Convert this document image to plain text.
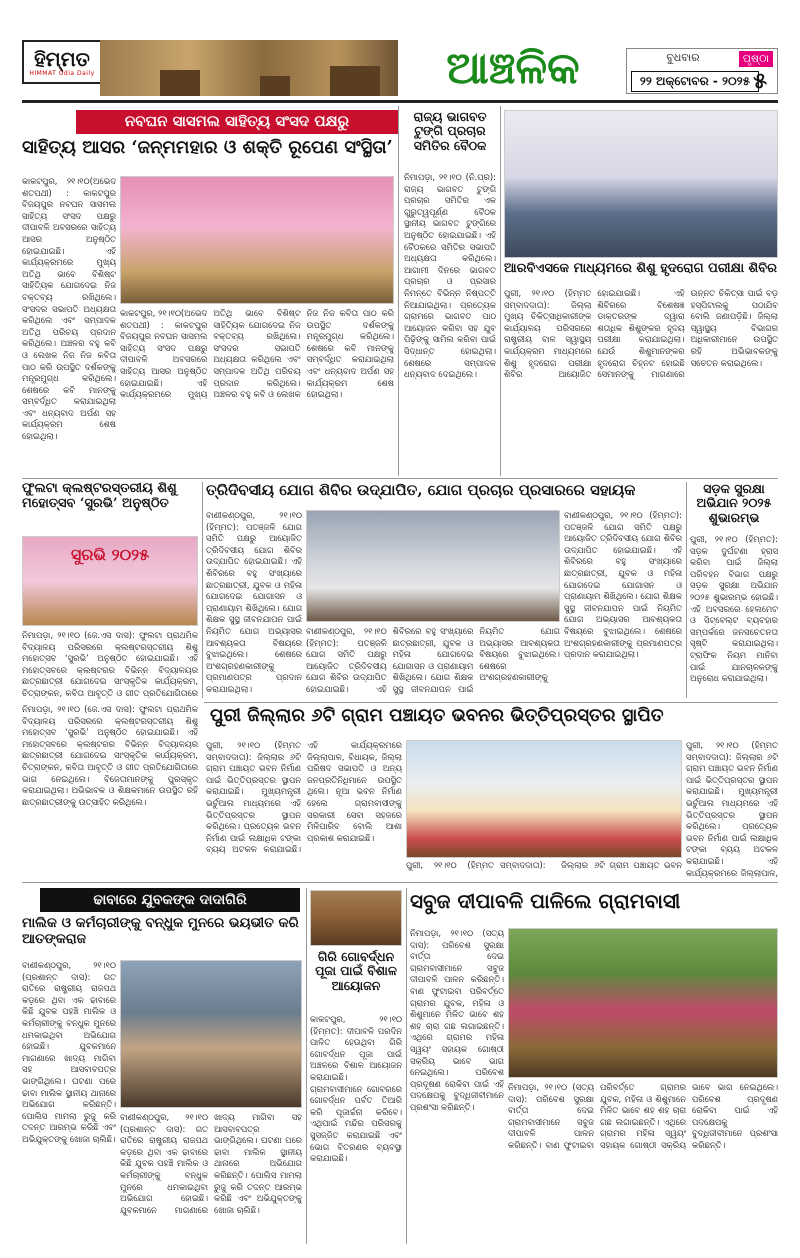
ହିମ୍ମତ
HIMMAT Odia Daily	ଆଞ୍ଚଳିକ	ବୁଧବାର
୨୨ ଅକ୍ଟୋବର - ୨୦୨୫
ପୃଷ୍ଠା
୫
ନବଘନ ସାସମଲ ସାହିତ୍ୟ ସଂସଦ ପକ୍ଷରୁ
ସାହିତ୍ୟ ଆସର ‘ଜନ୍ମମହାର ଓ ଶକ୍ତି ରୂପେଣ ସଂସ୍ଥିତା’
କାକଟପୁର, ୨୧।୧୦(ଅଭେଦ ଶତପଥୀ) : କାକଟପୁର ବିଜୟପୁର ନବଘନ ସାସମଲ ସାହିତ୍ୟ ସଂସଦ ପକ୍ଷରୁ ଦୀପାବଳି ଅବସରରେ ସାହିତ୍ୟ ଆସର ଅନୁଷ୍ଠିତ ହୋଇଯାଇଛି। ଏହି କାର୍ଯ୍ୟକ୍ରମରେ ମୁଖ୍ୟ ଅତିଥି ଭାବେ ବିଶିଷ୍ଟ ସାହିତ୍ୟିକ ଯୋଗଦେଇ ନିଜ ବକ୍ତବ୍ୟ ରଖିଥିଲେ। ସଂସଦର ସଭାପତି ଅଧ୍ୟକ୍ଷତା କରିଥିଲେ ଏବଂ ସମ୍ପାଦକ ଅତିଥି ପରିଚୟ ପ୍ରଦାନ କରିଥିଲେ। ଅଞ୍ଚଳର ବହୁ କବି ଓ ଲେଖକ ନିଜ ନିଜ କବିତା ପାଠ କରି ଉପସ୍ଥିତ ଦର୍ଶକଙ୍କୁ ମନ୍ତ୍ରମୁଗ୍ଧ କରିଥିଲେ। ଶେଷରେ କବି ମାନଙ୍କୁ ସମ୍ବର୍ଦ୍ଧିତ କରାଯାଇଥିଲା ଏବଂ ଧନ୍ୟବାଦ ଅର୍ପଣ ସହ କାର୍ଯ୍ୟକ୍ରମ ଶେଷ ହୋଇଥିଲା।
କାକଟପୁର, ୨୧।୧୦(ଅଭେଦ ଶତପଥୀ) : କାକଟପୁର ବିଜୟପୁର ନବଘନ ସାସମଲ ସାହିତ୍ୟ ସଂସଦ ପକ୍ଷରୁ ଦୀପାବଳି ଅବସରରେ ସାହିତ୍ୟ ଆସର ଅନୁଷ୍ଠିତ ହୋଇଯାଇଛି। ଏହି କାର୍ଯ୍ୟକ୍ରମରେ ମୁଖ୍ୟ ଅତିଥି ଭାବେ ବିଶିଷ୍ଟ ସାହିତ୍ୟିକ ଯୋଗଦେଇ ନିଜ ବକ୍ତବ୍ୟ ରଖିଥିଲେ। ସଂସଦର ସଭାପତି ଅଧ୍ୟକ୍ଷତା କରିଥିଲେ ଏବଂ ସମ୍ପାଦକ ଅତିଥି ପରିଚୟ ପ୍ରଦାନ କରିଥିଲେ। ଅଞ୍ଚଳର ବହୁ କବି ଓ ଲେଖକ ନିଜ ନିଜ କବିତା ପାଠ କରି ଉପସ୍ଥିତ ଦର୍ଶକଙ୍କୁ ମନ୍ତ୍ରମୁଗ୍ଧ କରିଥିଲେ। ଶେଷରେ କବି ମାନଙ୍କୁ ସମ୍ବର୍ଦ୍ଧିତ କରାଯାଇଥିଲା ଏବଂ ଧନ୍ୟବାଦ ଅର୍ପଣ ସହ କାର୍ଯ୍ୟକ୍ରମ ଶେଷ ହୋଇଥିଲା।
ରାଜ୍ୟ ଭାଗବତ ଟୁଙ୍ଗି ପ୍ରଚାର ସମିତିର ବୈଠକ
ନିମାପଡ଼ା, ୨୧।୧୦ (ନି.ପ୍ର): ରାଜ୍ୟ ଭାଗବତ ଟୁଙ୍ଗି ପ୍ରଚାର ସମିତିର ଏକ ଗୁରୁତ୍ୱପୂର୍ଣ୍ଣ ବୈଠକ ସ୍ଥାନୀୟ ଭାଗବତ ଟୁଙ୍ଗିରେ ଅନୁଷ୍ଠିତ ହୋଇଯାଇଛି। ଏହି ବୈଠକରେ ସମିତିର ସଭାପତି ଅଧ୍ୟକ୍ଷତା କରିଥିଲେ। ଆଗାମୀ ଦିନରେ ଭାଗବତ ପ୍ରଚାର ଓ ପ୍ରସାର ନିମନ୍ତେ ବିଭିନ୍ନ ନିଷ୍ପତ୍ତି ନିଆଯାଇଥିଲା। ପ୍ରତ୍ୟେକ ଗ୍ରାମରେ ଭାଗବତ ପାଠ ଆୟୋଜନ କରିବା ସହ ଯୁବ ପିଢ଼ିଙ୍କୁ ସାମିଲ କରିବା ପାଇଁ ସିଦ୍ଧାନ୍ତ ହୋଇଥିଲା। ଶେଷରେ ସମ୍ପାଦକ ଧନ୍ୟବାଦ ଦେଇଥିଲେ।
ଆରବିଏସକେ ମାଧ୍ୟମରେ ଶିଶୁ ହୃଦରୋଗ ପରୀକ୍ଷା ଶିବିର
ପୁରୀ, ୨୧।୧୦ (ହିମ୍ମତ ସମ୍ବାଦଦାତା): ଜିଲ୍ଲା ମୁଖ୍ୟ ଚିକିତ୍ସାଧିକାରୀଙ୍କ କାର୍ଯ୍ୟାଳୟ ପରିସରରେ ରାଷ୍ଟ୍ରୀୟ ବାଳ ସ୍ୱାସ୍ଥ୍ୟ କାର୍ଯ୍ୟକ୍ରମ ମାଧ୍ୟମରେ ଶିଶୁ ହୃଦରୋଗ ପରୀକ୍ଷା ଶିବିର ଆୟୋଜିତ ହୋଇଯାଇଛି। ଏହି ଶିବିରରେ ବିଶେଷଜ୍ଞ ଡାକ୍ତରଙ୍କ ଦ୍ୱାରା ଶତାଧିକ ଶିଶୁଙ୍କର ହୃଦୟ ପରୀକ୍ଷା କରାଯାଇଥିଲା। ଯେଉଁ ଶିଶୁମାନଙ୍କର ହୃଦରୋଗ ଚିହ୍ନଟ ହୋଇଛି ସେମାନଙ୍କୁ ମାଗଣାରେ ଉନ୍ନତ ଚିକିତ୍ସା ପାଇଁ ବଡ଼ ହସ୍ପିଟାଲକୁ ପଠାଯିବ ବୋଲି ଜଣାପଡ଼ିଛି। ଜିଲ୍ଲା ସ୍ୱାସ୍ଥ୍ୟ ବିଭାଗର ଅଧିକାରୀମାନେ ଉପସ୍ଥିତ ରହି ଅଭିଭାବକଙ୍କୁ ସଚେତନ କରାଇଥିଲେ।
ଫୁଲଟା କ୍ଲଷ୍ଟରସ୍ତରୀୟ ଶିଶୁ ମହୋତ୍ସବ ‘ସୁରଭି’ ଅନୁଷ୍ଠିତ
ସୁରଭି ୨୦୨୫
ନିମାପଡ଼ା, ୨୧।୧୦ (ଜେ.ଏସ ଦାସ): ଫୁଲଟା ପ୍ରାଥମିକ ବିଦ୍ୟାଳୟ ପରିସରରେ କ୍ଲଷ୍ଟରସ୍ତରୀୟ ଶିଶୁ ମହୋତ୍ସବ ‘ସୁରଭି’ ଅନୁଷ୍ଠିତ ହୋଇଯାଇଛି। ଏହି ମହୋତ୍ସବରେ କ୍ଲଷ୍ଟରର ବିଭିନ୍ନ ବିଦ୍ୟାଳୟର ଛାତ୍ରଛାତ୍ରୀ ଯୋଗଦେଇ ସାଂସ୍କୃତିକ କାର୍ଯ୍ୟକ୍ରମ, ଚିତ୍ରାଙ୍କନ, କବିତା ଆବୃତ୍ତି ଓ ଗୀତ ପ୍ରତିଯୋଗିତାରେ
ତ୍ରିଦିବସୀୟ ଯୋଗ ଶିବିର ଉଦ୍‌ଯାପିତ, ଯୋଗ ପ୍ରଚାର ପ୍ରସାରରେ ସହାୟକ
ବାଣୀକଣ୍ଠପୁର, ୨୧।୧୦ (ହିମ୍ମତ): ପତଞ୍ଜଳି ଯୋଗ ସମିତି ପକ୍ଷରୁ ଆୟୋଜିତ ତ୍ରିଦିବସୀୟ ଯୋଗ ଶିବିର ଉଦ୍‌ଯାପିତ ହୋଇଯାଇଛି। ଏହି ଶିବିରରେ ବହୁ ସଂଖ୍ୟାରେ ଛାତ୍ରଛାତ୍ରୀ, ଯୁବକ ଓ ମହିଳା ଯୋଗଦେଇ ଯୋଗାସନ ଓ ପ୍ରାଣାୟାମ ଶିଖିଥିଲେ। ଯୋଗ ଶିକ୍ଷକ ସୁସ୍ଥ ଜୀବନଯାପନ ପାଇଁ ନିୟମିତ ଯୋଗ ଅଭ୍ୟାସର ଆବଶ୍ୟକତା ବିଷୟରେ ବୁଝାଇଥିଲେ। ଶେଷରେ ଅଂଶଗ୍ରହଣକାରୀଙ୍କୁ ପ୍ରମାଣପତ୍ର ପ୍ରଦାନ କରାଯାଇଥିଲା।
ବାଣୀକଣ୍ଠପୁର, ୨୧।୧୦ (ହିମ୍ମତ): ପତଞ୍ଜଳି ଯୋଗ ସମିତି ପକ୍ଷରୁ ଆୟୋଜିତ ତ୍ରିଦିବସୀୟ ଯୋଗ ଶିବିର ଉଦ୍‌ଯାପିତ ହୋଇଯାଇଛି। ଏହି ଶିବିରରେ ବହୁ ସଂଖ୍ୟାରେ ଛାତ୍ରଛାତ୍ରୀ, ଯୁବକ ଓ ମହିଳା ଯୋଗଦେଇ ଯୋଗାସନ ଓ ପ୍ରାଣାୟାମ ଶିଖିଥିଲେ। ଯୋଗ ଶିକ୍ଷକ ସୁସ୍ଥ ଜୀବନଯାପନ ପାଇଁ ନିୟମିତ ଯୋଗ ଅଭ୍ୟାସର ଆବଶ୍ୟକତା ବିଷୟରେ ବୁଝାଇଥିଲେ। ଶେଷରେ ଅଂଶଗ୍ରହଣକାରୀଙ୍କୁ
ବାଣୀକଣ୍ଠପୁର, ୨୧।୧୦ (ହିମ୍ମତ): ପତଞ୍ଜଳି ଯୋଗ ସମିତି ପକ୍ଷରୁ ଆୟୋଜିତ ତ୍ରିଦିବସୀୟ ଯୋଗ ଶିବିର ଉଦ୍‌ଯାପିତ ହୋଇଯାଇଛି। ଏହି ଶିବିରରେ ବହୁ ସଂଖ୍ୟାରେ ଛାତ୍ରଛାତ୍ରୀ, ଯୁବକ ଓ ମହିଳା ଯୋଗଦେଇ ଯୋଗାସନ ଓ ପ୍ରାଣାୟାମ ଶିଖିଥିଲେ। ଯୋଗ ଶିକ୍ଷକ ସୁସ୍ଥ ଜୀବନଯାପନ ପାଇଁ ନିୟମିତ ଯୋଗ ଅଭ୍ୟାସର ଆବଶ୍ୟକତା ବିଷୟରେ ବୁଝାଇଥିଲେ। ଶେଷରେ ଅଂଶଗ୍ରହଣକାରୀଙ୍କୁ ପ୍ରମାଣପତ୍ର ପ୍ରଦାନ କରାଯାଇଥିଲା।
ସଡ଼କ ସୁରକ୍ଷା ଅଭିଯାନ ୨୦୨୫ ଶୁଭାରମ୍ଭ
ପୁରୀ, ୨୧।୧୦ (ହିମ୍ମତ): ସଡ଼କ ଦୁର୍ଘଟଣା ହ୍ରାସ କରିବା ପାଇଁ ଜିଲ୍ଲା ପରିବହନ ବିଭାଗ ପକ୍ଷରୁ ସଡ଼କ ସୁରକ୍ଷା ଅଭିଯାନ ୨୦୨୫ ଶୁଭାରମ୍ଭ ହୋଇଛି। ଏହି ଅବସରରେ ହେଲମେଟ ଓ ସିଟ୍‌ବେଲ୍ଟ ବ୍ୟବହାର ସମ୍ପର୍କରେ ଜନସଚେତନତା ସୃଷ୍ଟି କରାଯାଇଥିଲା। ଟ୍ରାଫିକ ନିୟମ ମାନିବା ପାଇଁ ଯାନଚାଳକଙ୍କୁ ଅନୁରୋଧ କରାଯାଇଥିଲା।
ପୁରୀ ଜିଲ୍ଲାର ୬ଟି ଗ୍ରାମ ପଞ୍ଚାୟତ ଭବନର ଭିତ୍ତିପ୍ରସ୍ତର ସ୍ଥାପିତ
ନିମାପଡ଼ା, ୨୧।୧୦ (ଜେ.ଏସ ଦାସ): ଫୁଲଟା ପ୍ରାଥମିକ ବିଦ୍ୟାଳୟ ପରିସରରେ କ୍ଲଷ୍ଟରସ୍ତରୀୟ ଶିଶୁ ମହୋତ୍ସବ ‘ସୁରଭି’ ଅନୁଷ୍ଠିତ ହୋଇଯାଇଛି। ଏହି ମହୋତ୍ସବରେ କ୍ଲଷ୍ଟରର ବିଭିନ୍ନ ବିଦ୍ୟାଳୟର ଛାତ୍ରଛାତ୍ରୀ ଯୋଗଦେଇ ସାଂସ୍କୃତିକ କାର୍ଯ୍ୟକ୍ରମ, ଚିତ୍ରାଙ୍କନ, କବିତା ଆବୃତ୍ତି ଓ ଗୀତ ପ୍ରତିଯୋଗିତାରେ ଭାଗ ନେଇଥିଲେ। ବିଜେତାମାନଙ୍କୁ ପୁରସ୍କୃତ କରାଯାଇଥିଲା। ଅଭିଭାବକ ଓ ଶିକ୍ଷକମାନେ ଉପସ୍ଥିତ ରହି ଛାତ୍ରଛାତ୍ରୀଙ୍କୁ ଉତ୍ସାହିତ କରିଥିଲେ।
ପୁରୀ, ୨୧।୧୦ (ହିମ୍ମତ ସମ୍ବାଦଦାତା): ଜିଲ୍ଲାର ୬ଟି ଗ୍ରାମ ପଞ୍ଚାୟତ ଭବନ ନିର୍ମାଣ ପାଇଁ ଭିତ୍ତିପ୍ରସ୍ତର ସ୍ଥାପନ କରାଯାଇଛି। ମୁଖ୍ୟମନ୍ତ୍ରୀ ଭର୍ଚୁଆଲ ମାଧ୍ୟମରେ ଏହି ଭିତ୍ତିପ୍ରସ୍ତର ସ୍ଥାପନ କରିଥିଲେ। ପ୍ରତ୍ୟେକ ଭବନ ନିର୍ମାଣ ପାଇଁ ଲକ୍ଷାଧିକ ଟଙ୍କା ବ୍ୟୟ ଅଟକଳ କରାଯାଇଛି। ଏହି କାର୍ଯ୍ୟକ୍ରମରେ ଜିଲ୍ଲାପାଳ, ବିଧାୟକ, ଜିଲ୍ଲା ପରିଷଦ ସଭାପତି ଓ ଅନ୍ୟ ଜନପ୍ରତିନିଧିମାନେ ଉପସ୍ଥିତ ଥିଲେ। ନୂଆ ଭବନ ନିର୍ମାଣ ହେଲେ ଗ୍ରାମବାସୀଙ୍କୁ ସରକାରୀ ସେବା ସହଜରେ ମିଳିପାରିବ ବୋଲି ଆଶା ପ୍ରକାଶ କରାଯାଇଛି।
ପୁରୀ, ୨୧।୧୦ (ହିମ୍ମତ ସମ୍ବାଦଦାତା): ଜିଲ୍ଲାର ୬ଟି ଗ୍ରାମ ପଞ୍ଚାୟତ ଭବନ
ପୁରୀ, ୨୧।୧୦ (ହିମ୍ମତ ସମ୍ବାଦଦାତା): ଜିଲ୍ଲାର ୬ଟି ଗ୍ରାମ ପଞ୍ଚାୟତ ଭବନ ନିର୍ମାଣ ପାଇଁ ଭିତ୍ତିପ୍ରସ୍ତର ସ୍ଥାପନ କରାଯାଇଛି। ମୁଖ୍ୟମନ୍ତ୍ରୀ ଭର୍ଚୁଆଲ ମାଧ୍ୟମରେ ଏହି ଭିତ୍ତିପ୍ରସ୍ତର ସ୍ଥାପନ କରିଥିଲେ। ପ୍ରତ୍ୟେକ ଭବନ ନିର୍ମାଣ ପାଇଁ ଲକ୍ଷାଧିକ ଟଙ୍କା ବ୍ୟୟ ଅଟକଳ କରାଯାଇଛି। ଏହି କାର୍ଯ୍ୟକ୍ରମରେ ଜିଲ୍ଲାପାଳ,
ଢାବାରେ ଯୁବକଙ୍କ ଦାଦାଗିରି
ମାଲିକ ଓ କର୍ମଚାରୀଙ୍କୁ ବନ୍ଧୁକ ମୁନରେ ଭୟଭୀତ କରି ଆତଙ୍କରାଜ
ବାଣୀକଣ୍ଠପୁର, ୨୧।୧୦ (ପ୍ରଶାନ୍ତ ଦାସ): ଗତ ରାତିରେ ରାଷ୍ଟ୍ରୀୟ ରାଜପଥ କଡ଼ରେ ଥିବା ଏକ ଢାବାରେ କିଛି ଯୁବକ ପହଞ୍ଚି ମାଲିକ ଓ କର୍ମଚାରୀଙ୍କୁ ବନ୍ଧୁକ ମୁନରେ ଧମକାଇଥିବା ଅଭିଯୋଗ ହୋଇଛି। ଯୁବକମାନେ ମାଗଣାରେ ଖାଦ୍ୟ ମାଗିବା ସହ ଆସବାବପତ୍ର ଭାଙ୍ଗିଥିଲେ। ଘଟଣା ପରେ ଢାବା ମାଲିକ ସ୍ଥାନୀୟ ଥାନାରେ ଅଭିଯୋଗ କରିଛନ୍ତି। ପୋଲିସ ମାମଲା ରୁଜୁ କରି ତଦନ୍ତ ଆରମ୍ଭ କରିଛି ଏବଂ ଅଭିଯୁକ୍ତଙ୍କୁ ଖୋଜା ଚାଲିଛି।
ବାଣୀକଣ୍ଠପୁର, ୨୧।୧୦ (ପ୍ରଶାନ୍ତ ଦାସ): ଗତ ରାତିରେ ରାଷ୍ଟ୍ରୀୟ ରାଜପଥ କଡ଼ରେ ଥିବା ଏକ ଢାବାରେ କିଛି ଯୁବକ ପହଞ୍ଚି ମାଲିକ ଓ କର୍ମଚାରୀଙ୍କୁ ବନ୍ଧୁକ ମୁନରେ ଧମକାଇଥିବା ଅଭିଯୋଗ ହୋଇଛି। ଯୁବକମାନେ ମାଗଣାରେ ଖାଦ୍ୟ ମାଗିବା ସହ ଆସବାବପତ୍ର ଭାଙ୍ଗିଥିଲେ। ଘଟଣା ପରେ ଢାବା ମାଲିକ ସ୍ଥାନୀୟ ଥାନାରେ ଅଭିଯୋଗ କରିଛନ୍ତି। ପୋଲିସ ମାମଲା ରୁଜୁ କରି ତଦନ୍ତ ଆରମ୍ଭ କରିଛି ଏବଂ ଅଭିଯୁକ୍ତଙ୍କୁ ଖୋଜା ଚାଲିଛି।
ଗିରି ଗୋବର୍ଦ୍ଧନ ପୂଜା ପାଇଁ ବିଶାଳ ଆୟୋଜନ
କାକଟପୁର, ୨୧।୧୦ (ହିମ୍ମତ): ଦୀପାବଳି ପରଦିନ ପାଳିତ ହେଉଥିବା ଗିରି ଗୋବର୍ଦ୍ଧନ ପୂଜା ପାଇଁ ଅଞ୍ଚଳରେ ବିଶାଳ ଆୟୋଜନ କରାଯାଇଛି। ଗ୍ରାମବାସୀମାନେ ଗୋବରରେ ଗୋବର୍ଦ୍ଧନ ପର୍ବତ ତିଆରି କରି ପୂଜାର୍ଚ୍ଚନା କରିବେ। ଏଥିପାଇଁ ମନ୍ଦିର ପରିସରକୁ ସୁସଜ୍ଜିତ କରାଯାଇଛି ଏବଂ ଭୋଗ ବିତରଣର ବ୍ୟବସ୍ଥା କରାଯାଇଛି।
ସବୁଜ ଦୀପାବଳି ପାଳିଲେ ଗ୍ରାମବାସୀ
ନିମାପଡ଼ା, ୨୧।୧୦ (ସତ୍ୟ ଦାସ): ପରିବେଶ ସୁରକ୍ଷା ବାର୍ତ୍ତା ଦେଇ ଗ୍ରାମବାସୀମାନେ ସବୁଜ ଦୀପାବଳି ପାଳନ କରିଛନ୍ତି। ବାଣ ଫୁଟାଇବା ପରିବର୍ତ୍ତେ ଗ୍ରାମର ଯୁବକ, ମହିଳା ଓ ଶିଶୁମାନେ ମିଳିତ ଭାବେ ଶହ ଶହ ଚାରା ଗଛ ଲଗାଇଛନ୍ତି। ଏଥିରେ ଗ୍ରାମର ମହିଳା ସ୍ୱୟଂ ସହାୟକ ଗୋଷ୍ଠୀ ସକ୍ରିୟ ଭାବେ ଭାଗ ନେଇଥିଲେ। ପରିବେଶ ପ୍ରଦୂଷଣ ରୋକିବା ପାଇଁ ଏହି ପଦକ୍ଷେପକୁ ବୁଦ୍ଧିଜୀବୀମାନେ ପ୍ରଶଂସା କରିଛନ୍ତି।
ନିମାପଡ଼ା, ୨୧।୧୦ (ସତ୍ୟ ଦାସ): ପରିବେଶ ସୁରକ୍ଷା ବାର୍ତ୍ତା ଦେଇ ଗ୍ରାମବାସୀମାନେ ସବୁଜ ଦୀପାବଳି ପାଳନ କରିଛନ୍ତି। ବାଣ ଫୁଟାଇବା ପରିବର୍ତ୍ତେ ଗ୍ରାମର ଯୁବକ, ମହିଳା ଓ ଶିଶୁମାନେ ମିଳିତ ଭାବେ ଶହ ଶହ ଚାରା ଗଛ ଲଗାଇଛନ୍ତି। ଏଥିରେ ଗ୍ରାମର ମହିଳା ସ୍ୱୟଂ ସହାୟକ ଗୋଷ୍ଠୀ ସକ୍ରିୟ ଭାବେ ଭାଗ ନେଇଥିଲେ। ପରିବେଶ ପ୍ରଦୂଷଣ ରୋକିବା ପାଇଁ ଏହି ପଦକ୍ଷେପକୁ ବୁଦ୍ଧିଜୀବୀମାନେ ପ୍ରଶଂସା କରିଛନ୍ତି।
